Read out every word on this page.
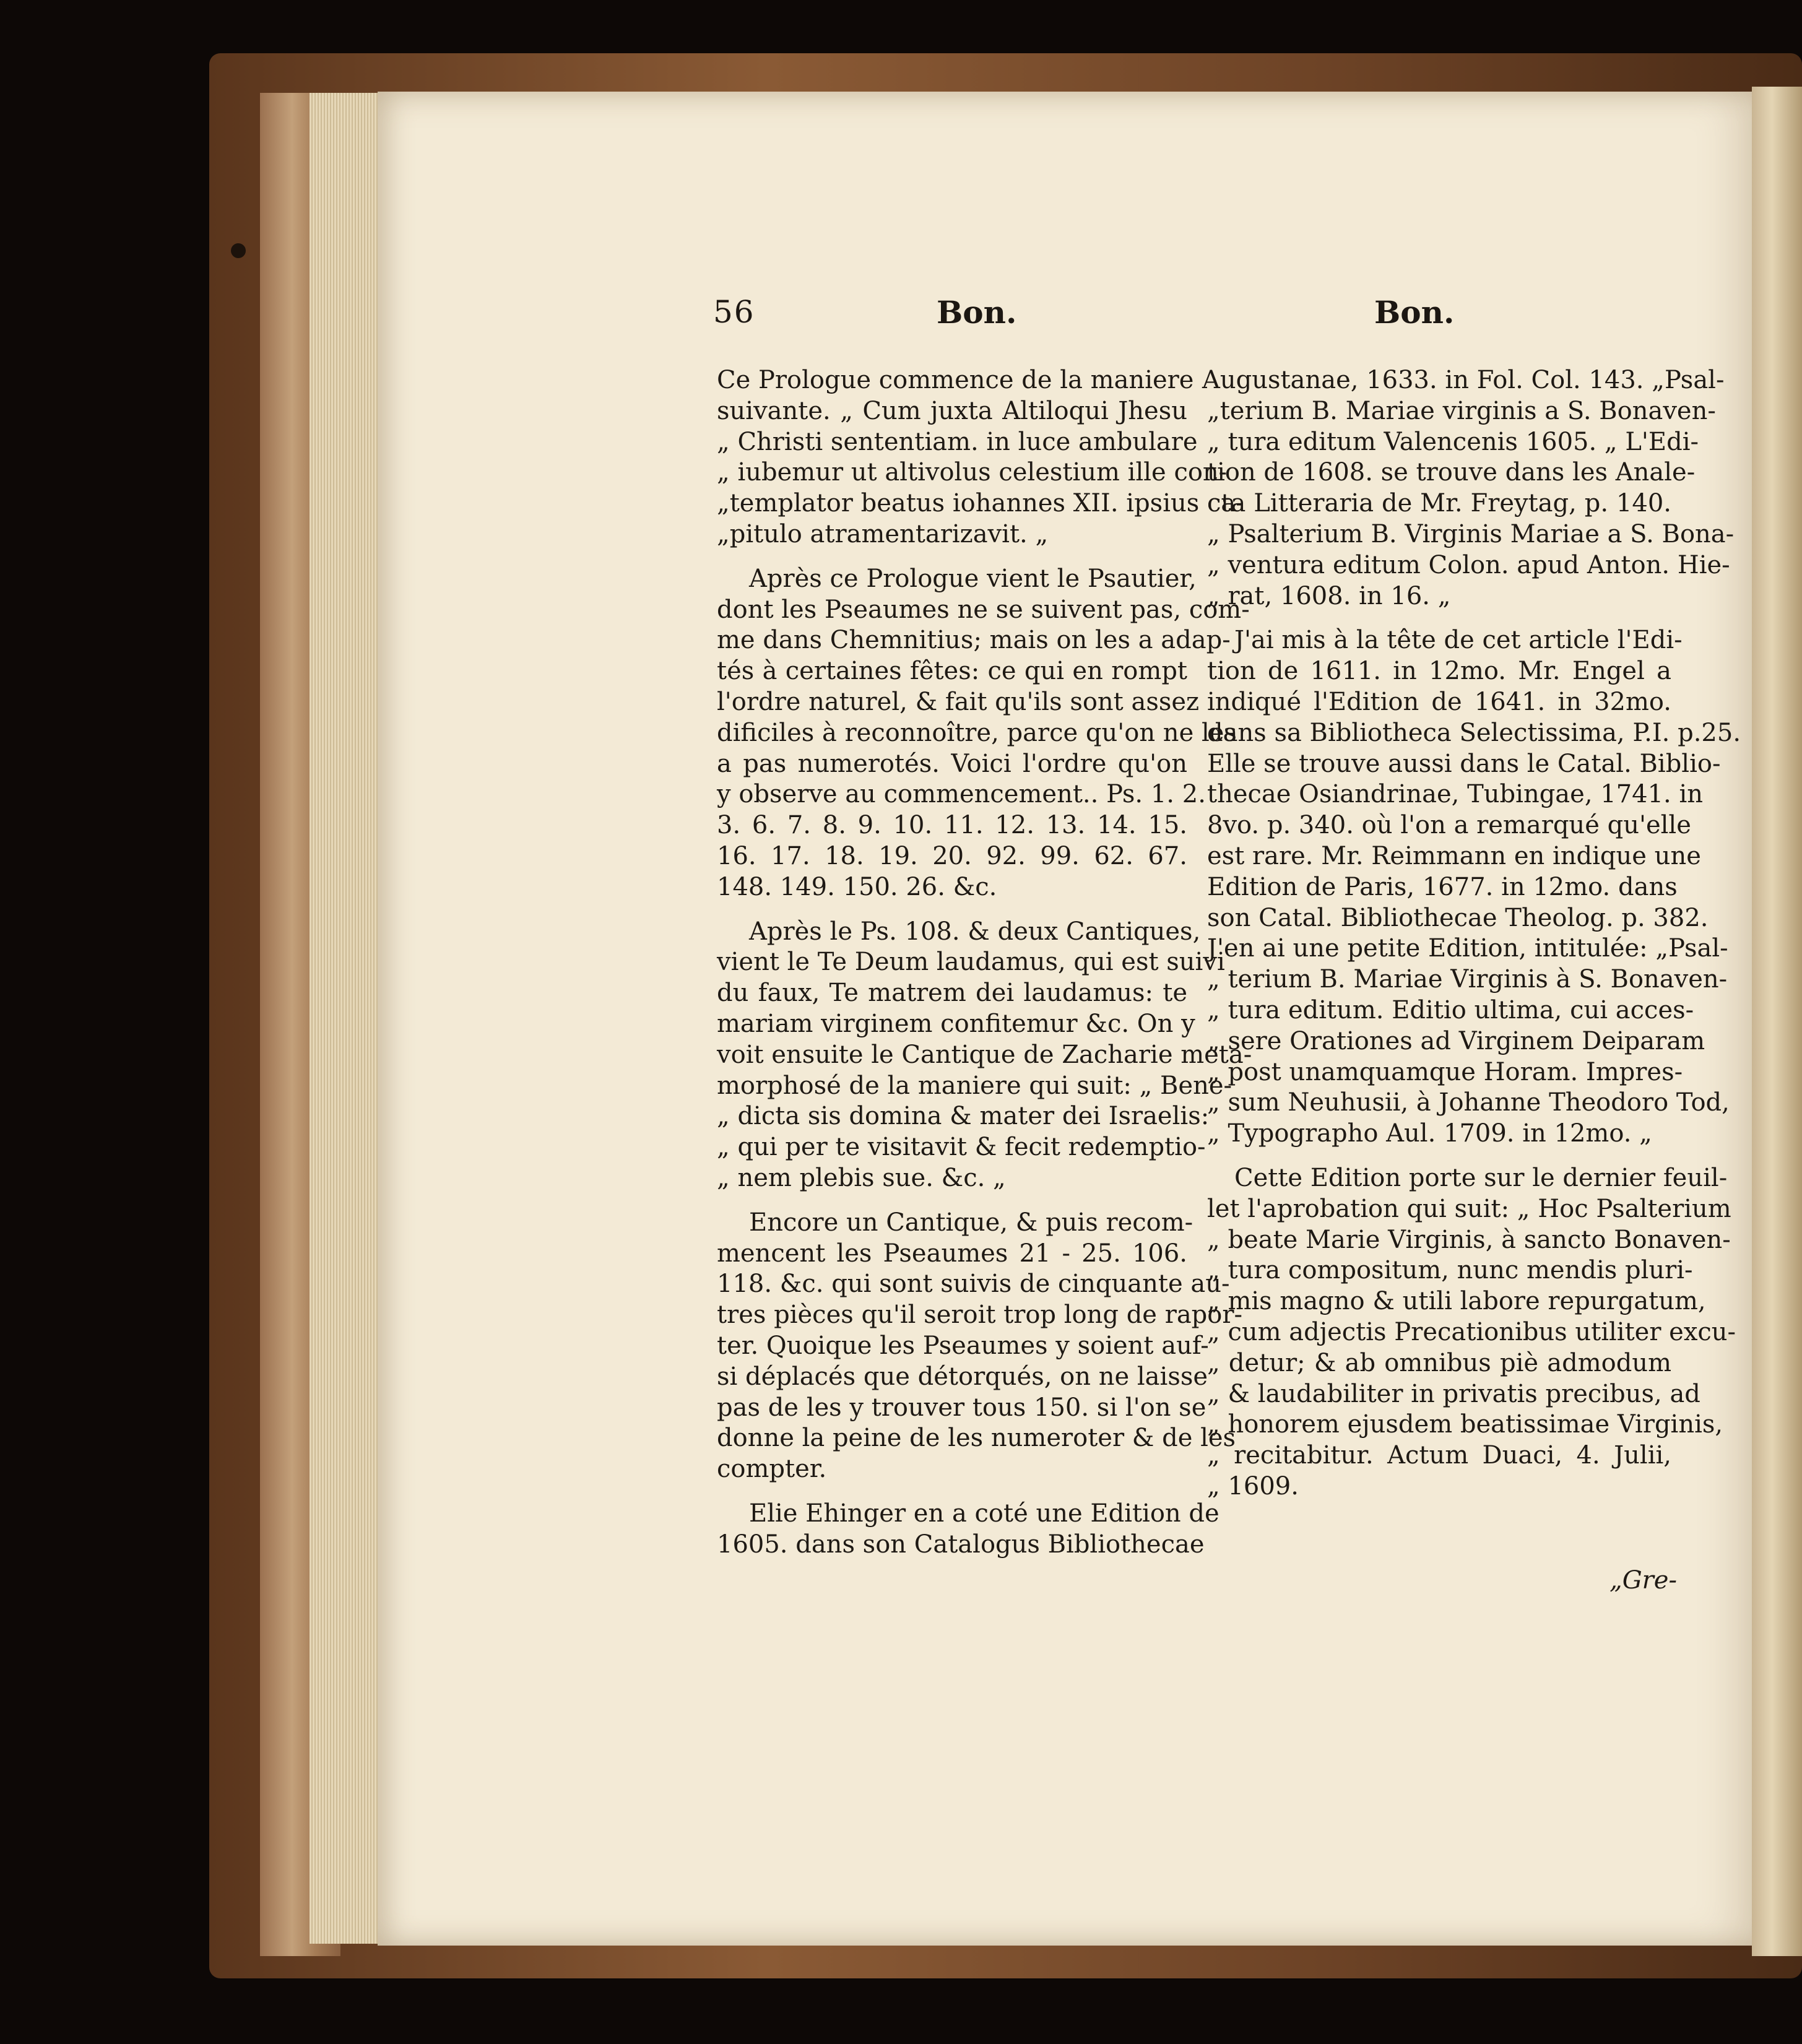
56	Bon.	Bon.
Ce Prologue commence de la maniere
suivante. „ Cum juxta Altiloqui Jhesu
„ Christi sententiam. in luce ambulare
„ iubemur ut altivolus celestium ille con-
„templator beatus iohannes XII. ipsius ca-
„pitulo atramentarizavit. „
Après ce Prologue vient le Psautier,
dont les Pseaumes ne se suivent pas, com-
me dans Chemnitius; mais on les a adap-
tés à certaines fêtes: ce qui en rompt
l'ordre naturel, & fait qu'ils sont assez
dificiles à reconnoître, parce qu'on ne les
a pas numerotés. Voici l'ordre qu'on
y observe au commencement.. Ps. 1. 2.
3. 6. 7. 8. 9. 10. 11. 12. 13. 14. 15.
16. 17. 18. 19. 20. 92. 99. 62. 67.
148. 149. 150. 26. &c.
Après le Ps. 108. & deux Cantiques,
vient le Te Deum laudamus, qui est suivi
du faux, Te matrem dei laudamus: te
mariam virginem confitemur &c. On y
voit ensuite le Cantique de Zacharie meta-
morphosé de la maniere qui suit: „ Bene-
„ dicta sis domina & mater dei Israelis:
„ qui per te visitavit & fecit redemptio-
„ nem plebis sue. &c. „
Encore un Cantique, & puis recom-
mencent les Pseaumes 21 - 25. 106.
118. &c. qui sont suivis de cinquante au-
tres pièces qu'il seroit trop long de rapor-
ter. Quoique les Pseaumes y soient auf-
si déplacés que détorqués, on ne laisse
pas de les y trouver tous 150. si l'on se
donne la peine de les numeroter & de les
compter.
Elie Ehinger en a coté une Edition de
1605. dans son Catalogus Bibliothecae
Augustanae, 1633. in Fol. Col. 143. „Psal-
„terium B. Mariae virginis a S. Bonaven-
„ tura editum Valencenis 1605. „ L'Edi-
tion de 1608. se trouve dans les Anale-
cta Litteraria de Mr. Freytag, p. 140.
„ Psalterium B. Virginis Mariae a S. Bona-
„ ventura editum Colon. apud Anton. Hie-
„ rat, 1608. in 16. „
J'ai mis à la tête de cet article l'Edi-
tion de 1611. in 12mo. Mr. Engel a
indiqué l'Edition de 1641. in 32mo.
dans sa Bibliotheca Selectissima, P.I. p.25.
Elle se trouve aussi dans le Catal. Biblio-
thecae Osiandrinae, Tubingae, 1741. in
8vo. p. 340. où l'on a remarqué qu'elle
est rare. Mr. Reimmann en indique une
Edition de Paris, 1677. in 12mo. dans
son Catal. Bibliothecae Theolog. p. 382.
J'en ai une petite Edition, intitulée: „Psal-
„ terium B. Mariae Virginis à S. Bonaven-
„ tura editum. Editio ultima, cui acces-
„ sere Orationes ad Virginem Deiparam
„ post unamquamque Horam. Impres-
„ sum Neuhusii, à Johanne Theodoro Tod,
„ Typographo Aul. 1709. in 12mo. „
Cette Edition porte sur le dernier feuil-
let l'aprobation qui suit: „ Hoc Psalterium
„ beate Marie Virginis, à sancto Bonaven-
„ tura compositum, nunc mendis pluri-
„ mis magno & utili labore repurgatum,
„ cum adjectis Precationibus utiliter excu-
„ detur; & ab omnibus piè admodum
„ & laudabiliter in privatis precibus, ad
„ honorem ejusdem beatissimae Virginis,
„ recitabitur. Actum Duaci, 4. Julii,
„ 1609.
„Gre-
